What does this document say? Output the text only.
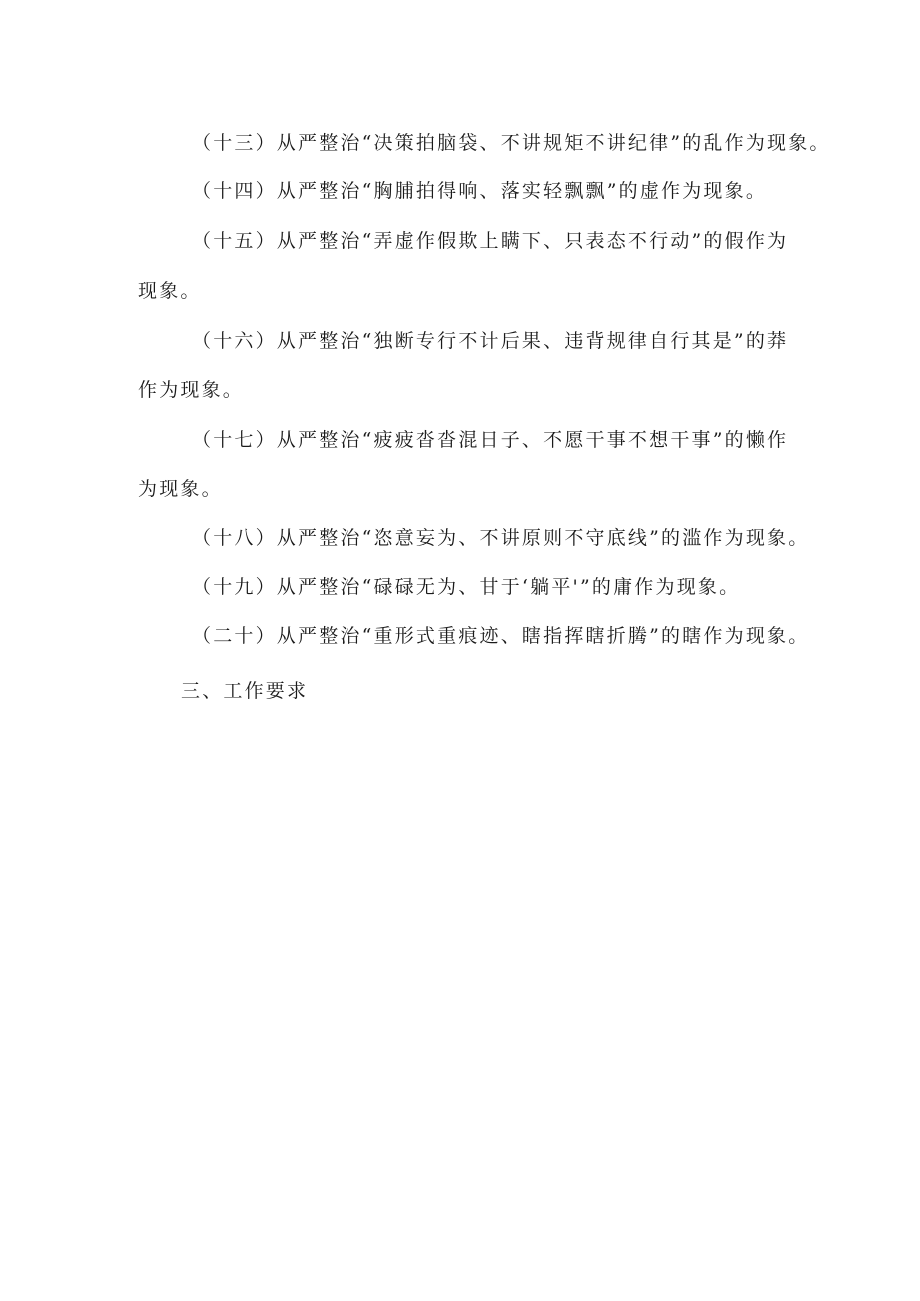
（十三）从严整治“决策拍脑袋、不讲规矩不讲纪律”的乱作为现象。
（十四）从严整治“胸脯拍得响、落实轻飘飘”的虚作为现象。
（十五）从严整治“弄虚作假欺上瞒下、只表态不行动”的假作为
现象。
（十六）从严整治“独断专行不计后果、违背规律自行其是”的莽
作为现象。
（十七）从严整治“疲疲沓沓混日子、不愿干事不想干事”的懒作
为现象。
（十八）从严整治“恣意妄为、不讲原则不守底线”的滥作为现象。
（十九）从严整治“碌碌无为、甘于‘躺平'”的庸作为现象。
（二十）从严整治“重形式重痕迹、瞎指挥瞎折腾”的瞎作为现象。
三、工作要求
